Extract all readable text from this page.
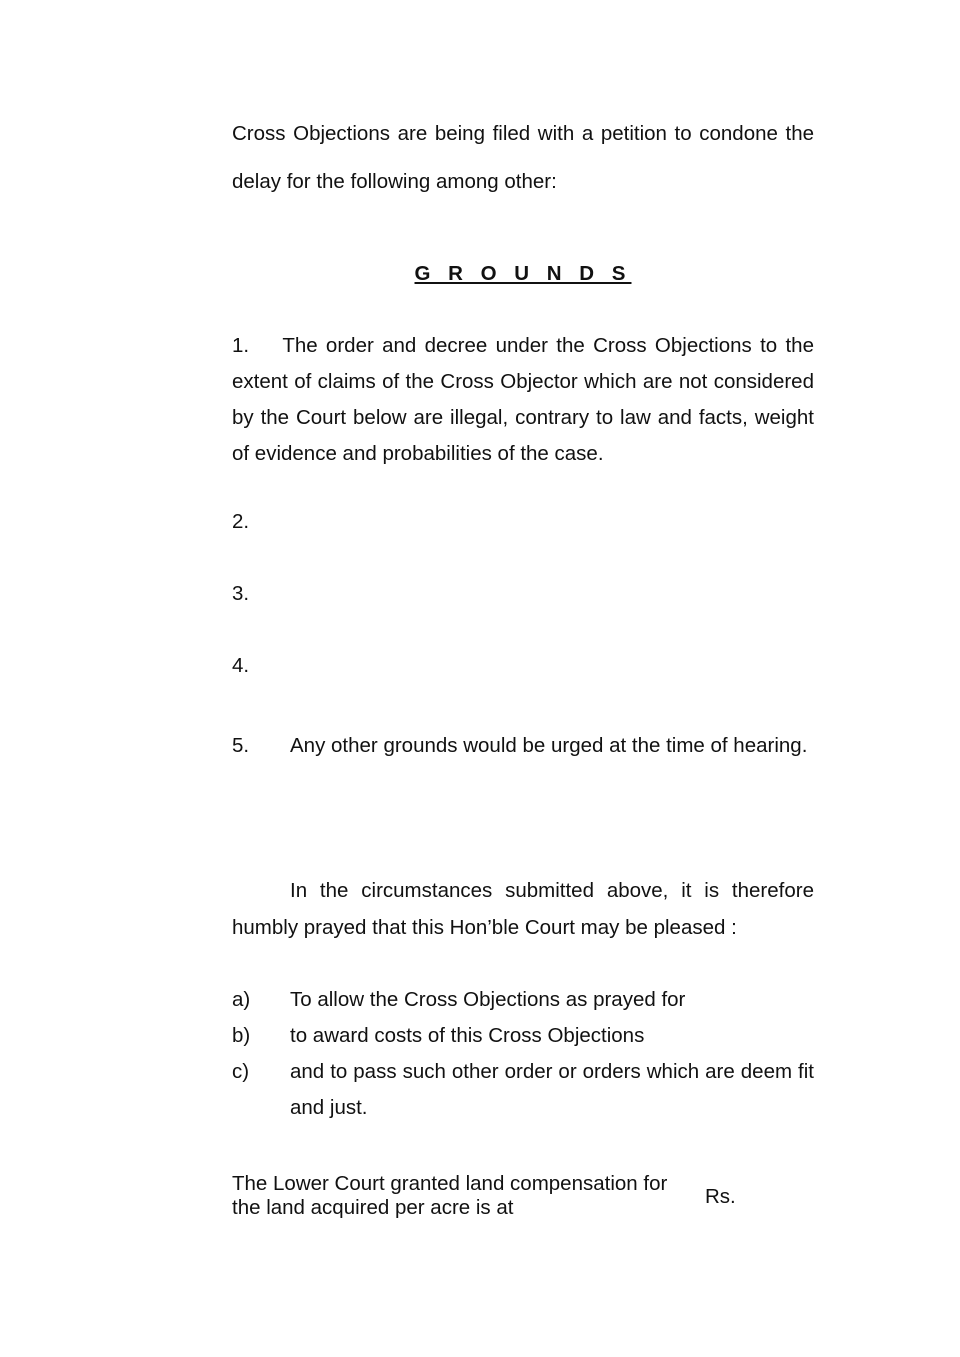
Cross Objections are being filed with a petition to condone the delay for the following among other:
G R O U N D S
1. The order and decree under the Cross Objections to the extent of claims of the Cross Objector which are not considered by the Court below are illegal, contrary to law and facts, weight of evidence and probabilities of the case.
2.
3.
4.
5. Any other grounds would be urged at the time of hearing.
In the circumstances submitted above, it is therefore humbly prayed that this Hon’ble Court may be pleased :
a)	To allow the Cross Objections as prayed for
b)	to award costs of this Cross Objections
c)	and to pass such other order or orders which are deem fit and just.
The Lower Court granted land compensation for the land acquired per acre is at	Rs.
